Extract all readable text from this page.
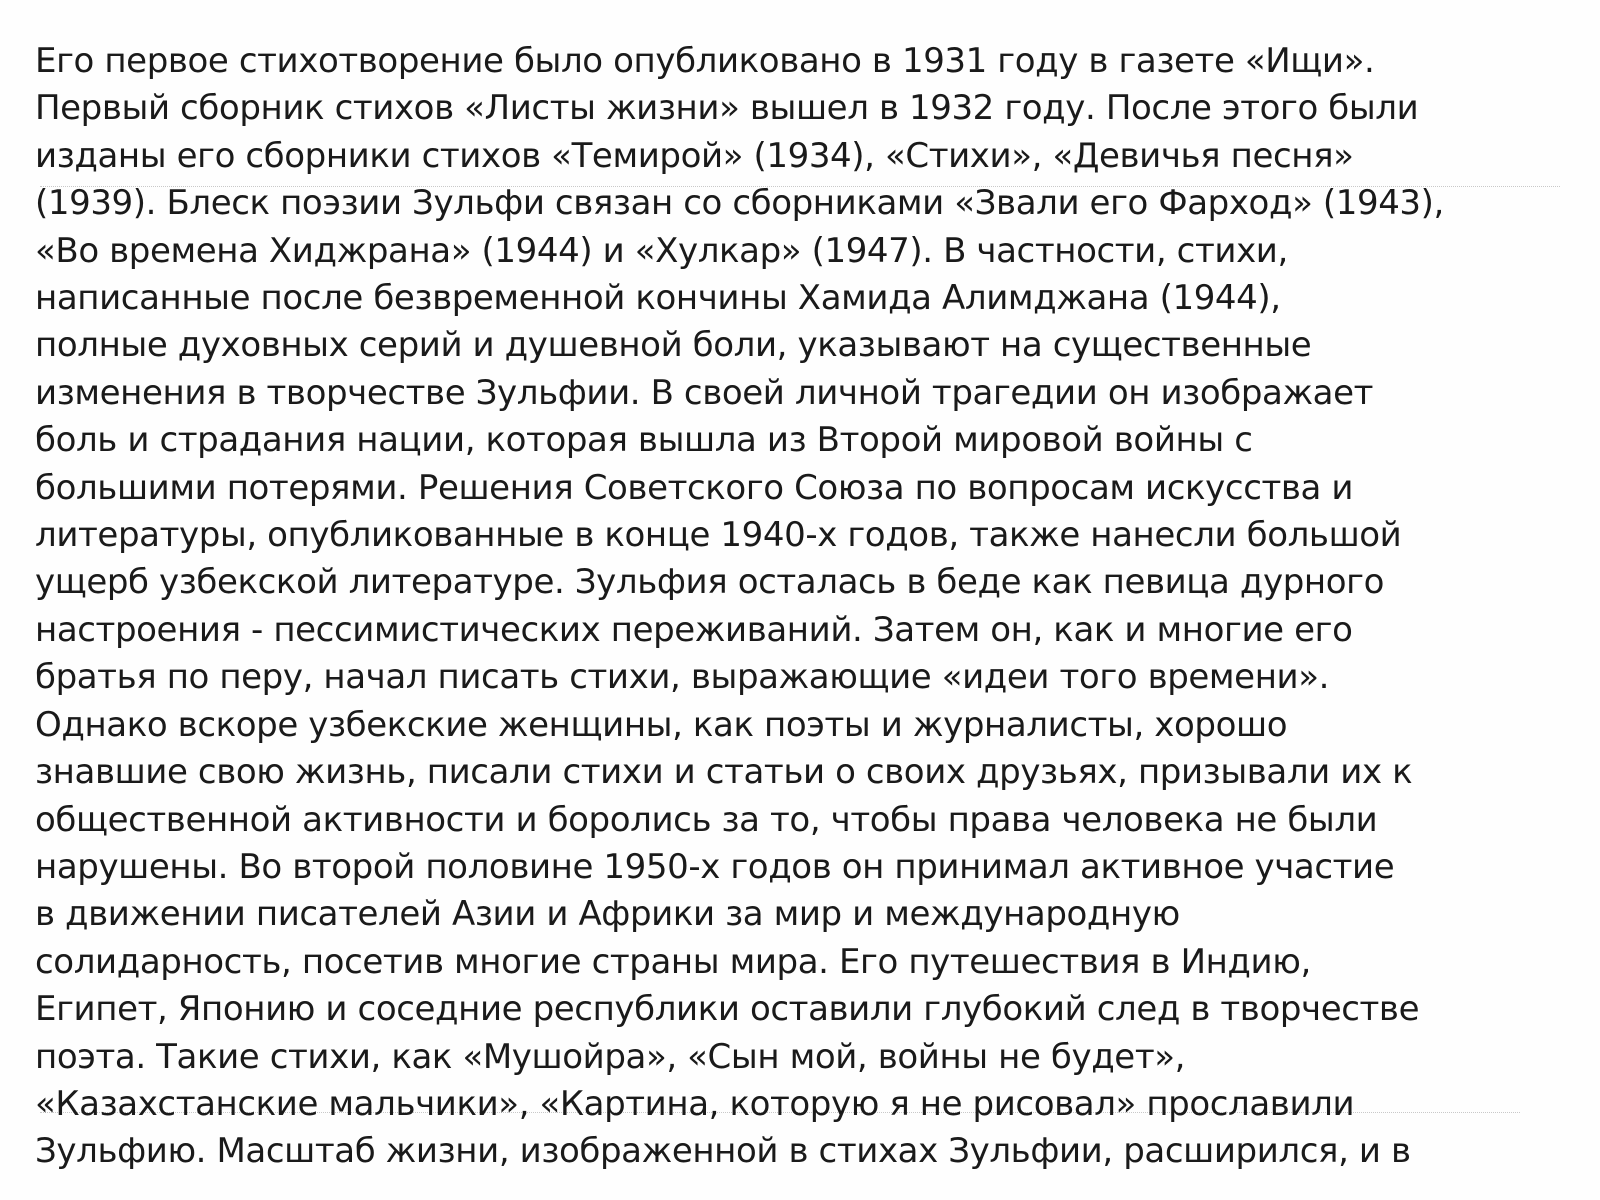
Его первое стихотворение было опубликовано в 1931 году в газете «Ищи».
Первый сборник стихов «Листы жизни» вышел в 1932 году. После этого были
изданы его сборники стихов «Темирой» (1934), «Стихи», «Девичья песня»
(1939). Блеск поэзии Зульфи связан со сборниками «Звали его Фарход» (1943),
«Во времена Хиджрана» (1944) и «Хулкар» (1947). В частности, стихи,
написанные после безвременной кончины Хамида Алимджана (1944),
полные духовных серий и душевной боли, указывают на существенные
изменения в творчестве Зульфии. В своей личной трагедии он изображает
боль и страдания нации, которая вышла из Второй мировой войны с
большими потерями. Решения Советского Союза по вопросам искусства и
литературы, опубликованные в конце 1940-х годов, также нанесли большой
ущерб узбекской литературе. Зульфия осталась в беде как певица дурного
настроения - пессимистических переживаний. Затем он, как и многие его
братья по перу, начал писать стихи, выражающие «идеи того времени».
Однако вскоре узбекские женщины, как поэты и журналисты, хорошо
знавшие свою жизнь, писали стихи и статьи о своих друзьях, призывали их к
общественной активности и боролись за то, чтобы права человека не были
нарушены. Во второй половине 1950-х годов он принимал активное участие
в движении писателей Азии и Африки за мир и международную
солидарность, посетив многие страны мира. Его путешествия в Индию,
Египет, Японию и соседние республики оставили глубокий след в творчестве
поэта. Такие стихи, как «Мушойра», «Сын мой, войны не будет»,
«Казахстанские мальчики», «Картина, которую я не рисовал» прославили
Зульфию. Масштаб жизни, изображенной в стихах Зульфии, расширился, и в
